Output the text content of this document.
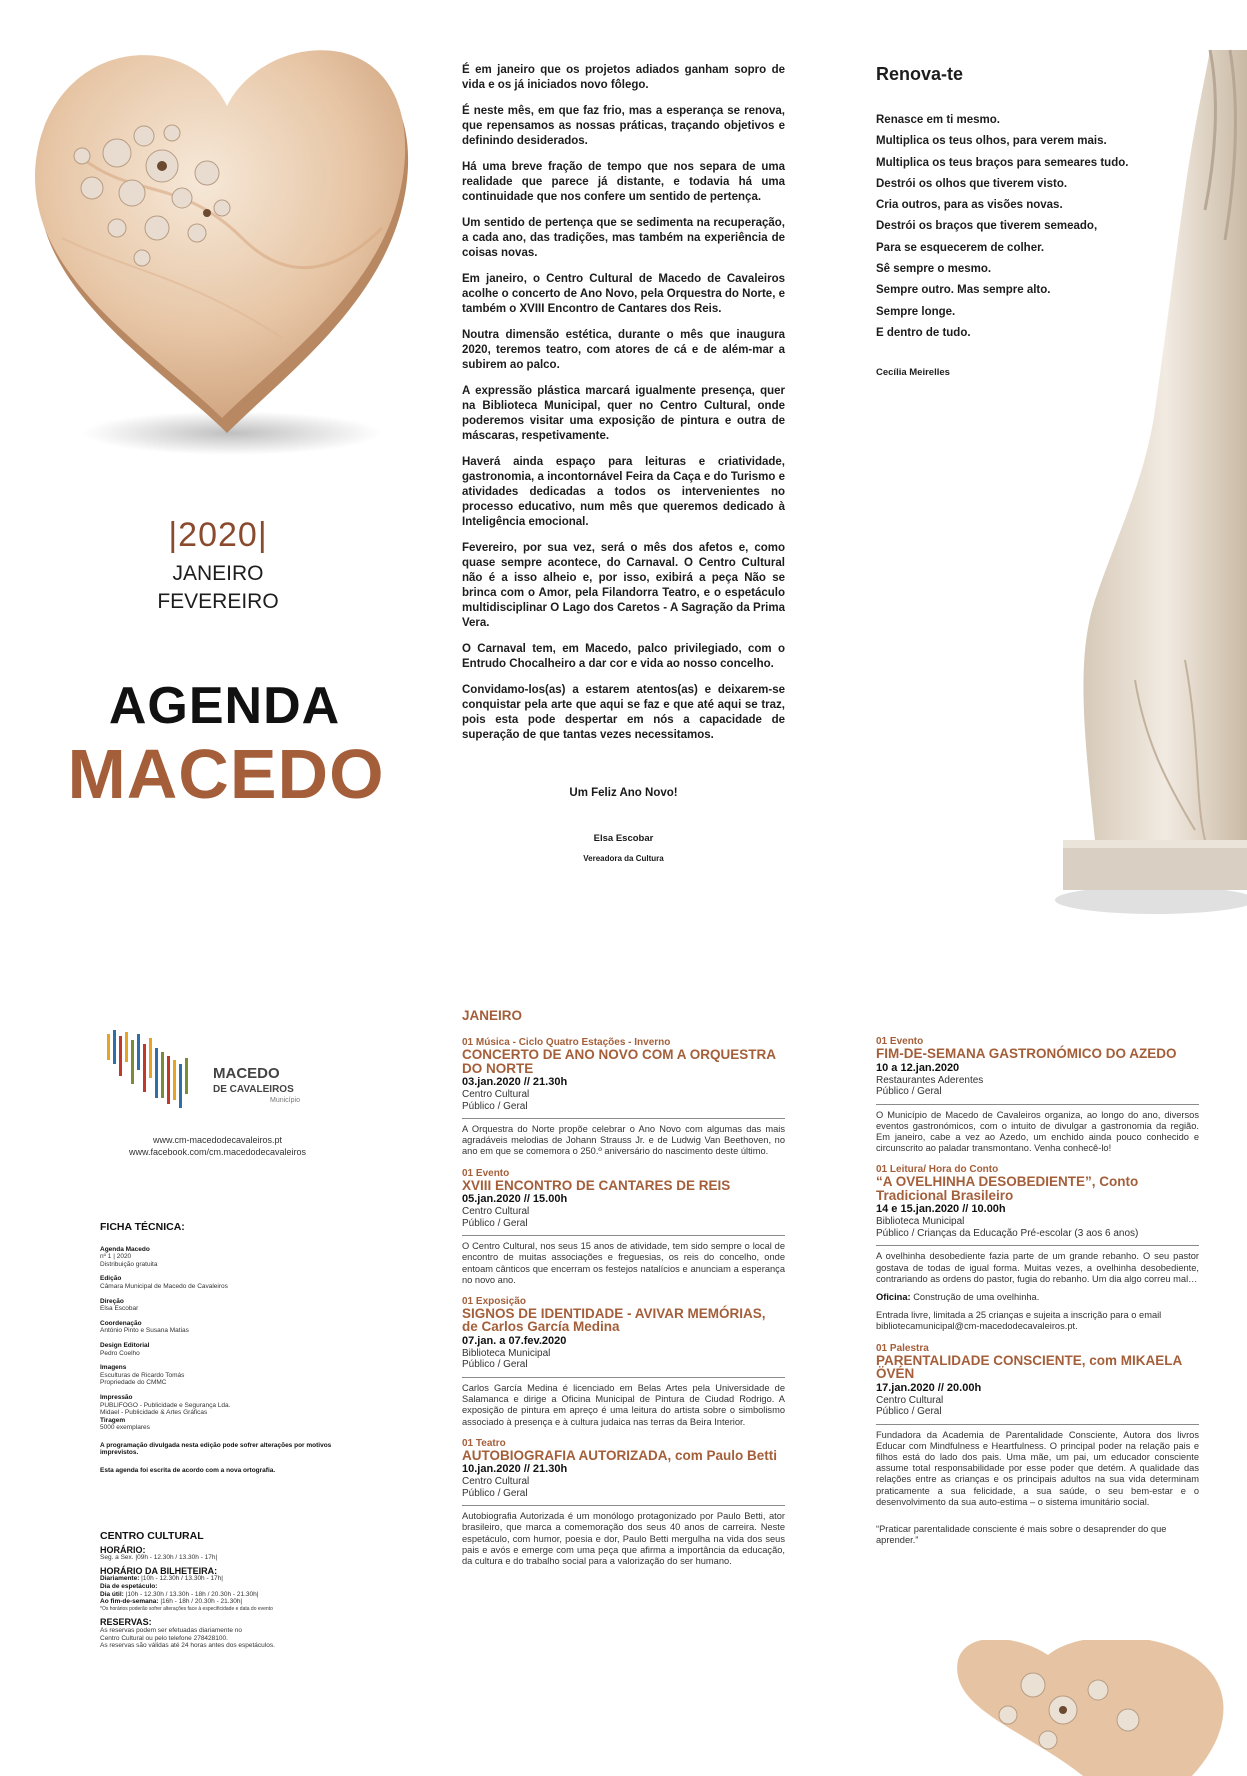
|2020|
JANEIRO
FEVEREIRO
AGENDA
MACEDO

É em janeiro que os projetos adiados ganham sopro de vida e os já iniciados novo fôlego.

É neste mês, em que faz frio, mas a esperança se renova, que repensamos as nossas práticas, traçando objetivos e definindo desiderados.

Há uma breve fração de tempo que nos separa de uma realidade que parece já distante, e todavia há uma continuidade que nos confere um sentido de pertença.

Um sentido de pertença que se sedimenta na recuperação, a cada ano, das tradições, mas também na experiência de coisas novas.

Em janeiro, o Centro Cultural de Macedo de Cavaleiros acolhe o concerto de Ano Novo, pela Orquestra do Norte, e também o XVIII Encontro de Cantares dos Reis.

Noutra dimensão estética, durante o mês que inaugura 2020, teremos teatro, com atores de cá e de além-mar a subirem ao palco.

A expressão plástica marcará igualmente presença, quer na Biblioteca Municipal, quer no Centro Cultural, onde poderemos visitar uma exposição de pintura e outra de máscaras, respetivamente.

Haverá ainda espaço para leituras e criatividade, gastronomia, a incontornável Feira da Caça e do Turismo e atividades dedicadas a todos os intervenientes no processo educativo, num mês que queremos dedicado à Inteligência emocional.

Fevereiro, por sua vez, será o mês dos afetos e, como quase sempre acontece, do Carnaval. O Centro Cultural não é a isso alheio e, por isso, exibirá a peça Não se brinca com o Amor, pela Filandorra Teatro, e o espetáculo multidisciplinar O Lago dos Caretos - A Sagração da Prima Vera.

O Carnaval tem, em Macedo, palco privilegiado, com o Entrudo Chocalheiro a dar cor e vida ao nosso concelho.

Convidamo-los(as) a estarem atentos(as) e deixarem-se conquistar pela arte que aqui se faz e que até aqui se traz, pois esta pode despertar em nós a capacidade de superação de que tantas vezes necessitamos.

Um Feliz Ano Novo!
Elsa Escobar
Vereadora da Cultura
Renova-te
Renasce em ti mesmo.
Multiplica os teus olhos, para verem mais.
Multiplica os teus braços para semeares tudo.
Destrói os olhos que tiverem visto.
Cria outros, para as visões novas.
Destrói os braços que tiverem semeado,
Para se esquecerem de colher.
Sê sempre o mesmo.
Sempre outro. Mas sempre alto.
Sempre longe.
E dentro de tudo.
Cecília Meirelles
MACEDO
DE CAVALEIROS
Município
www.cm-macedodecavaleiros.pt
www.facebook.com/cm.macedodecavaleiros
FICHA TÉCNICA:
Agenda Macedo
nº 1 | 2020
Distribuição gratuita
Edição
Câmara Municipal de Macedo de Cavaleiros
Direção
Elsa Escobar
Coordenação
António Pinto e Susana Matias
Design Editorial
Pedro Coelho
Imagens
Esculturas de Ricardo Tomás
Propriedade do CMMC
Impressão
PUBLIFOGO - Publicidade e Segurança Lda.
Midael - Publicidade & Artes Gráficas
Tiragem
5000 exemplares
A programação divulgada nesta edição pode sofrer alterações por motivos imprevistos.
Esta agenda foi escrita de acordo com a nova ortografia.
CENTRO CULTURAL
HORÁRIO:
Seg. a Sex. |09h - 12.30h / 13.30h - 17h|
HORÁRIO DA BILHETEIRA:
Diariamente: |10h - 12.30h / 13.30h - 17h|
Dia de espetáculo:
Dia útil: |10h - 12.30h / 13.30h - 18h / 20.30h - 21.30h|
Ao fim-de-semana: |16h - 18h / 20.30h - 21.30h|
*Os horários poderão sofrer alterações face à especificidade e data do evento
RESERVAS:
As reservas podem ser efetuadas diariamente no
Centro Cultural ou pelo telefone 278428100.
As reservas são válidas até 24 horas antes dos espetáculos.
JANEIRO
01 Música - Ciclo Quatro Estações - Inverno
CONCERTO DE ANO NOVO COM A ORQUESTRA DO NORTE
03.jan.2020 // 21.30h
Centro Cultural
Público / Geral
A Orquestra do Norte propõe celebrar o Ano Novo com algumas das mais agradáveis melodias de Johann Strauss Jr. e de Ludwig Van Beethoven, no ano em que se comemora o 250.º aniversário do nascimento deste último.
01 Evento
XVIII ENCONTRO DE CANTARES DE REIS
05.jan.2020 // 15.00h
Centro Cultural
Público / Geral
O Centro Cultural, nos seus 15 anos de atividade, tem sido sempre o local de encontro de muitas associações e freguesias, os reis do concelho, onde entoam cânticos que encerram os festejos natalícios e anunciam a esperança no novo ano.
01 Exposição
SIGNOS DE IDENTIDADE - AVIVAR MEMÓRIAS, de Carlos García Medina
07.jan. a 07.fev.2020
Biblioteca Municipal
Público / Geral
Carlos García Medina é licenciado em Belas Artes pela Universidade de Salamanca e dirige a Oficina Municipal de Pintura de Ciudad Rodrigo. A exposição de pintura em apreço é uma leitura do artista sobre o simbolismo associado à presença e à cultura judaica nas terras da Beira Interior.
01 Teatro
AUTOBIOGRAFIA AUTORIZADA, com Paulo Betti
10.jan.2020 // 21.30h
Centro Cultural
Público / Geral
Autobiografia Autorizada é um monólogo protagonizado por Paulo Betti, ator brasileiro, que marca a comemoração dos seus 40 anos de carreira. Neste espetáculo, com humor, poesia e dor, Paulo Betti mergulha na vida dos seus pais e avós e emerge com uma peça que afirma a importância da educação, da cultura e do trabalho social para a valorização do ser humano.
01 Evento
FIM-DE-SEMANA GASTRONÓMICO DO AZEDO
10 a 12.jan.2020
Restaurantes Aderentes
Público / Geral
O Município de Macedo de Cavaleiros organiza, ao longo do ano, diversos eventos gastronómicos, com o intuito de divulgar a gastronomia da região. Em janeiro, cabe a vez ao Azedo, um enchido ainda pouco conhecido e circunscrito ao paladar transmontano. Venha conhecê-lo!
01 Leitura/ Hora do Conto
“A OVELHINHA DESOBEDIENTE”, Conto Tradicional Brasileiro
14 e 15.jan.2020 // 10.00h
Biblioteca Municipal
Público / Crianças da Educação Pré-escolar (3 aos 6 anos)
A ovelhinha desobediente fazia parte de um grande rebanho. O seu pastor gostava de todas de igual forma. Muitas vezes, a ovelhinha desobediente, contrariando as ordens do pastor, fugia do rebanho. Um dia algo correu mal…
Oficina: Construção de uma ovelhinha.
Entrada livre, limitada a 25 crianças e sujeita a inscrição para o email bibliotecamunicipal@cm-macedodecavaleiros.pt.
01 Palestra
PARENTALIDADE CONSCIENTE, com MIKAELA ÖVÉN
17.jan.2020 // 20.00h
Centro Cultural
Público / Geral
Fundadora da Academia de Parentalidade Consciente, Autora dos livros Educar com Mindfulness e Heartfulness. O principal poder na relação pais e filhos está do lado dos pais. Uma mãe, um pai, um educador consciente assume total responsabilidade por esse poder que detém. A qualidade das relações entre as crianças e os principais adultos na sua vida determinam praticamente a sua felicidade, a sua saúde, o seu bem-estar e o desenvolvimento da sua auto-estima – o sistema imunitário social.
“Praticar parentalidade consciente é mais sobre o desaprender do que aprender.”
